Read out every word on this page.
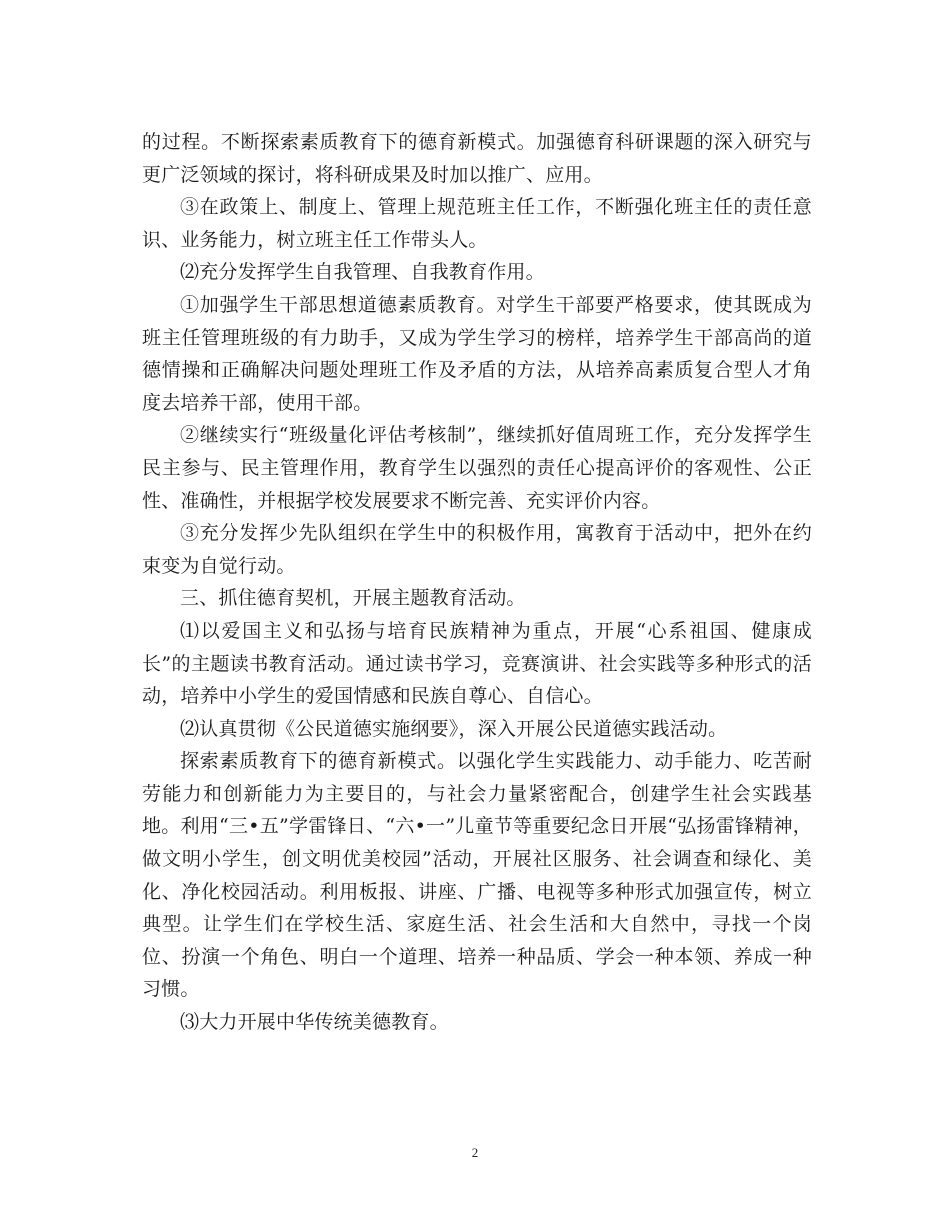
的过程。不断探索素质教育下的德育新模式。加强德育科研课题的深入研究与更广泛领域的探讨，将科研成果及时加以推广、应用。

③在政策上、制度上、管理上规范班主任工作，不断强化班主任的责任意识、业务能力，树立班主任工作带头人。

⑵充分发挥学生自我管理、自我教育作用。

①加强学生干部思想道德素质教育。对学生干部要严格要求，使其既成为班主任管理班级的有力助手，又成为学生学习的榜样，培养学生干部高尚的道德情操和正确解决问题处理班工作及矛盾的方法，从培养高素质复合型人才角度去培养干部，使用干部。

②继续实行“班级量化评估考核制”，继续抓好值周班工作，充分发挥学生民主参与、民主管理作用，教育学生以强烈的责任心提高评价的客观性、公正性、准确性，并根据学校发展要求不断完善、充实评价内容。

③充分发挥少先队组织在学生中的积极作用，寓教育于活动中，把外在约束变为自觉行动。

三、抓住德育契机，开展主题教育活动。

⑴以爱国主义和弘扬与培育民族精神为重点，开展“心系祖国、健康成长”的主题读书教育活动。通过读书学习，竞赛演讲、社会实践等多种形式的活动，培养中小学生的爱国情感和民族自尊心、自信心。

⑵认真贯彻《公民道德实施纲要》，深入开展公民道德实践活动。

探索素质教育下的德育新模式。以强化学生实践能力、动手能力、吃苦耐劳能力和创新能力为主要目的，与社会力量紧密配合，创建学生社会实践基地。利用“三•五”学雷锋日、“六•一”儿童节等重要纪念日开展“弘扬雷锋精神，做文明小学生，创文明优美校园”活动，开展社区服务、社会调查和绿化、美化、净化校园活动。利用板报、讲座、广播、电视等多种形式加强宣传，树立典型。让学生们在学校生活、家庭生活、社会生活和大自然中，寻找一个岗位、扮演一个角色、明白一个道理、培养一种品质、学会一种本领、养成一种习惯。

⑶大力开展中华传统美德教育。

2
